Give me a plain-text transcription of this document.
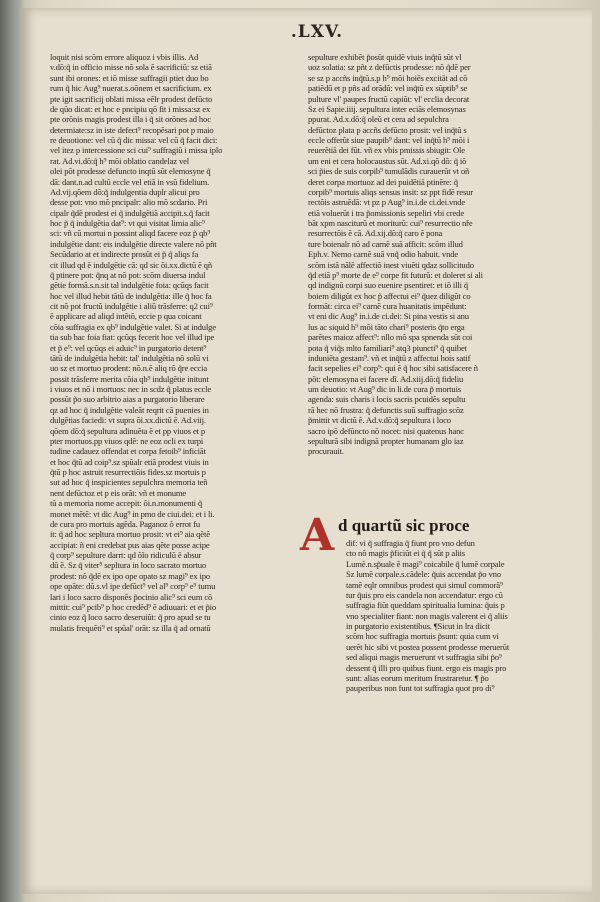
.LXV.
loquit nisi scõm errore aliquoz i vbis illis. Ad
v.dõ:q̃ in officio misse nõ sola ẽ sacrificiũ: sz etiã
sunt ibi orones: et iõ misse suffragii ptiet duo bo
rum q̃ hic Aug⁹ nuerat.s.oõnem et sacrificium. ex
pte igit sacrificij oblati missa eẽlr prodest defũcto
de qũo dicat: et hoc e pncipiu qõ fit i missa:sz ex
pte orõnis magis prodest illa i q̃ sit orõnes ad hoc
determiate:sz in iste defect⁹ recopẽsari pot p maio
re deuotione: vel cũ q̃ dic missa: vel cũ q̃ facit dici:
vel itez p intercessione sci cui⁹ suffragiũ i missa iplo
rat. Ad.vi.dõ:q̃ h⁹ mõi oblatio candelaz vel
olei põt prodesse defuncto inqtũ sũt elemosyne q̃
dã: dant.n.ad cultũ eccle vel etiã in vsũ fidelium.
Ad.vij.qõem dõ:q̃ indulgentia duplr alicui pro
desse pot: vno mõ pncipalr: alio mõ scdario. Pri
cipalr q̃dẽ prodest ei q̃ indulgẽtiã accipit.s.q̃ facit
hoc p̃ q̃ indulgẽtia dat⁹: vt qui visitat limia alic⁹
sci: vñ cũ mortui n possint aliqd facere eoz p̃ qb⁹
indulgẽtie dant: eis indulgẽtie directe valere nõ pñt
Secũdario at et indirecte prosũt ei p̃ q̃ aliqs fa
cit illud qd ẽ indulgẽtie cã: qd sic õi.xx.dictũ ẽ qñ
q̃ ptinere pot: q̃nq at nõ pot: scõm diuersa indul
gẽtie formã.s.n.sit tal indulgẽtie foia: qcũqs facit
hoc vel illud hebit tãtũ de indulgẽtia: ille q̃ hoc fa
cit nõ pot fructũ indulgẽtie i aliũ trãsferre: q2 cui⁹
ẽ applicare ad aliqd intẽtõ, eccie p qua coicant
cõia suffragia ex qb⁹ indulgẽtie valet. Si at indulge
tia sub hac foia fiat: qcũqs fecerit hoc vel illud ipe
et p̃ e⁹: vel qcũqs ei aduic⁹ in purgatorio detent⁹
tãtũ de indulgẽtia hebit: tal' indulgẽtia nõ solũ vi
uo sz et mortuo prodent: nõ.n.ẽ aliq rõ q̃re eccia
possit trãsferre merita cõia qb⁹ indulgẽtie initunt
i viuos et nõ i mortuos: nec in scdz q̃ platus eccle
possũt p̃o suo arbitrio aias a purgatorio liberare
qz ad hoc q̃ indulgẽtie valeãt reqrit cã puenies in
dulgẽtias faciedi: vt supra õi.xx.dictũ ẽ. Ad.viij.
qõem dõ:q̃ sepultura adinuẽta ẽ et pp viuos et p
pter mortuos.pp viuos qdẽ: ne eoz ocli ex turpi
tudine cadauez offendat et corpa fetoib⁹ inficiãt
et hoc q̃tũ ad coip⁹.sz spũalr etiã prodest viuis in
q̃tũ p hoc astruit resurrectiõis fides.sz mortuis p
sut ad hoc q̃ inspicientes sepulchra memoria teñ
nent defũctoz et p eis orãt: vñ et monume
tũ a memoria nome accepit: õi.n.monumenti q̃
monet mẽtẽ: vt dic Aug⁹ in pmo de ciui.dei: et i li.
de cura pro mortuis agẽda. Paganoz õ errot fu
it: q̃ ad hoc sepltura mortuo prosit: vt ei⁹ aia qẽtẽ
accipiat: ñ eni credebat pus aias qẽte posse acipe
q̃ corp⁹ sepulture darrt: qd õĩo ridiculũ ẽ absur
dũ ẽ. Sz q̃ viter⁹ sepltura in loco sacrato mortuo
prodest: nõ q̃dẽ ex ipo ope opato sz magi⁹ ex ipo
ope opãte: dũ.s.vl ipe defũct⁹ vel al⁹ corp⁹ e⁹ tumu
lari i loco sacro disponẽs p̃ocinio alic⁹ sci eum cõ
mittit: cui⁹ pcib⁹ p hoc credẽd⁹ ẽ adiuuari: et et p̃io
cinio eoz q̃ loco sacro deseruiũt: q̃ pro apud se tu
mulatis frequẽti⁹ et spũal' orãt: sz illa q̃ ad ornatũ
sepulture exhibẽt p̃osũt quidẽ viuis inq̃tũ sũt vl
uoz solatia: sz pñt z defũctis prodesse: nõ q̃dẽ per
se sz p accñs inq̃tũ.s.p h⁹ mõi hoiẽs excitãt ad cõ
patiẽdũ et p pñs ad orãdũ: vel inq̃tũ ex sũptib⁹ se
pulture vl' paupes fructũ capiũt: vl' ecclia decorat
Sz ei Sapie.iiij. sepultura inter eciãs elemosynas
ppurat. Ad.x.dõ:q̃ oleũ et cera ad sepulchra
defũctoz plata p accñs defũcto prosit: vel inq̃tũ s
eccle offerũt siue paupib⁹ dant: vel inq̃tũ h⁹ mõi i
reuerẽtiã dei fũt. vñ ex vbis pmissis sbiugit: Ole
um eni et cera holocaustus sũt. Ad.xi.qõ dõ: q̃ iõ
sci p̃ies de suis corpib⁹ tumulãdis curauerũt vt oñ
deret corpa mortuoz ad dei puidẽtiã ptinẽre: q̃
corpib⁹ mortuis aliqs sensus insit: sz ppt fidẽ resur
rectõis astruẽdã: vt pz p Aug⁹ in.i.de ci.dei.vnde
etiã voluerũt i tra p̃omissionis sepeliri vbi crede
bãt xpm nasciturũ et moriturũ: cui⁹ resurrectio nře
resurrectõis ẽ cã. Ad.xij.dõ:q̃ caro ẽ pona
ture boienalr nõ ad carnẽ suã afficit: scõm illud
Eph.v. Nemo carnẽ suã vnq̃ odio habuit. vnde
scõm istã nãlẽ affectiõ inest viuẽti qdaz sollicitudo
q̃d etiã p⁹ morte de e⁹ corpe fit futurũ: et doleret si ali
qd indignũ corpi suo euenire psentiret: et iõ illi q̃
boiem diligũt ex hoc p̃ affectui ei⁹ q̃uez diligũt co
formãt: circa ei⁹ carnẽ cura huanitatis impẽdunt:
vt eni dic Aug⁹ in.i.de ci.dei: Si pina vestis si anu
lus ac siquid h⁹ mõi tãto chari⁹ posteris q̃to erga
parẽtes maioz affect⁹: nllo mõ spa spnenda sũt coi
pota q̃ viq̃s mlto familiari⁹ atq3 piuncti⁹ q̃ quibet
induniẽta gestam⁹. vñ et inq̃tũ z affectui hois satif
facit sepelies ei⁹ corp⁹: qui ẽ q̃ hoc sibi satisfacere ñ
põt: elemosyna ei facere dĩ. Ad.xiij.dõ:q̃ fideliu
um deuotio: vt Aug⁹ dic in li.de cura p̃ mortuis
agenda: suis charis i locis sacris pcuidẽs sepultu
rã hec nõ frustra: q̃ defunctis suũ suffragio scõz
p̃mittit vt dictũ ẽ. Ad.v.dõ:q̃ sepultura i loco
sacro ipõ defũncto nõ nocet: nisi quatenus hanc
sepulturã sibi indignã propter humanam glo iaz
procurauit.
A d quartũ sic proce
dif: vi q̃ suffragia q̃ fiunt pro vno defun
cto nõ magis p̃ficiũt ei q̃ q̃ sũt p aliis
Lumẽ.n.sp̃uale ẽ magi⁹ coicabile q̃ lumẽ corpale
Sz lumẽ corpale.s.cãdele: q̃uis accendat p̃o vno
tamẽ eqlr omnibus prodest qui simul commorã⁹
tur q̃uis pro eis candela non accendatur: ergo cũ
suffragia fiũt queddam spiritualia lumina: q̃uis p
vno specialiter fiant: non magis valerent ei q̃ aliis
in purgatorio existentibus. ¶Sicut in lra dicit
scõm hoc suffragia mortuis p̃sunt: quia cum vi
uerẽt hic sibi vt postea possent prodesse meruerũt
sed aliqui magis meruerunt vt suffragia sibi p̃o⁹
dessent q̃ illi pro quibus fiunt. ergo eis magis pro
sunt: alias eorum meritum frustraretur. ¶ p̃o
pauperibus non funt tot suffragia quot pro di⁹
